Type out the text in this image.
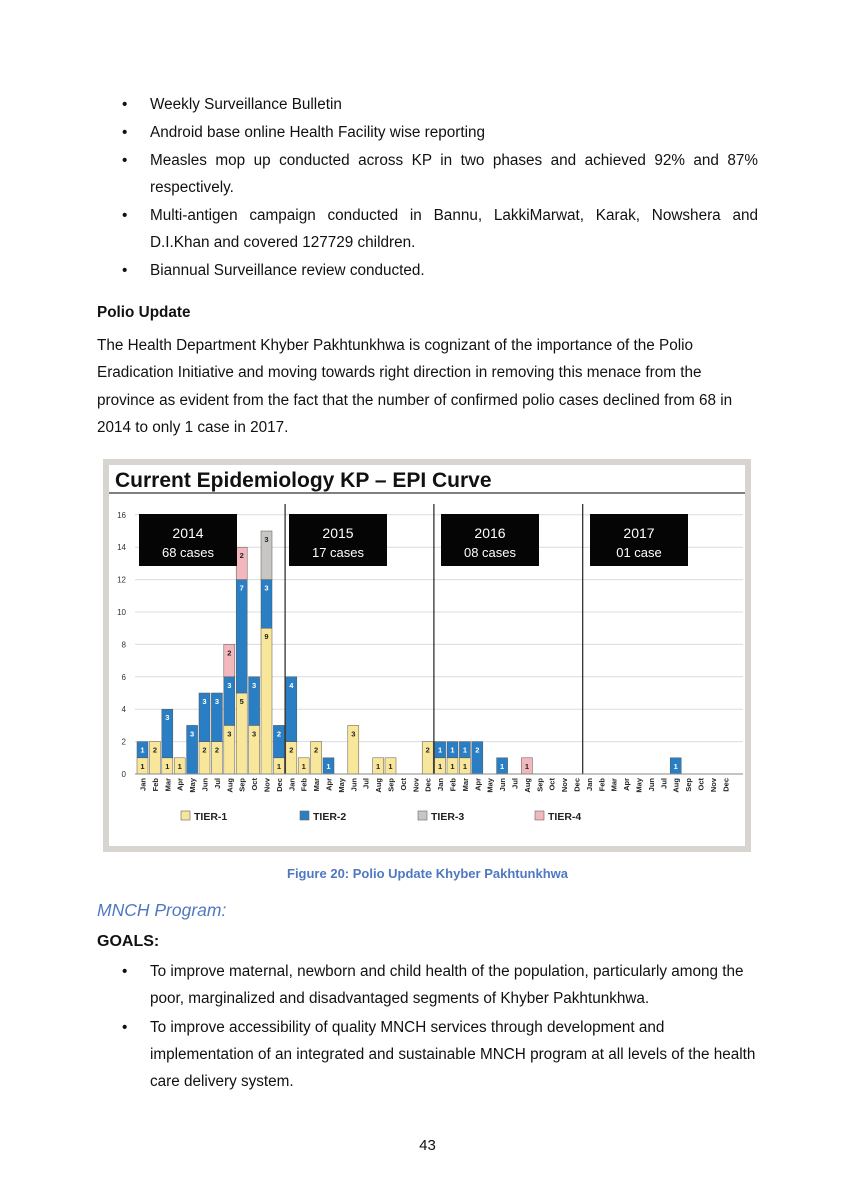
• Weekly Surveillance Bulletin
• Android base online Health Facility wise reporting
• Measles mop up conducted across KP in two phases and achieved 92% and 87% respectively.
• Multi-antigen campaign conducted in Bannu, LakkiMarwat, Karak, Nowshera and D.I.Khan and covered 127729 children.
• Biannual Surveillance review conducted.
Polio Update
The Health Department Khyber Pakhtunkhwa is cognizant of the importance of the Polio Eradication Initiative and moving towards right direction in removing this menace from the province as evident from the fact that the number of confirmed polio cases declined from 68 in 2014 to only 1 case in 2017.
Current Epidemiology KP – EPI Curve
1
1 2
1
3
1
3
2
3
2
3
3
3
2
5
7
2
3
3
9
3
3
1
2
2
4
1
2
1
3
1 1
2
1
1
1
1
1
1 2
1	1	1
2014
68 cases
2015
17 cases
2016
08 cases
2017
01 case
0
2
4
6
8
10
12
14
16
Jan Feb Mar Apr May Jun Jul Aug Sep Oct Nov Dec Jan Feb Mar Apr May Jun Jul Aug Sep Oct Nov Dec Jan Feb Mar Apr May Jun Jul Aug Sep Oct Nov Dec Jan Feb Mar Apr May Jun Jul Aug Sep Oct Nov Dec
TIER-1	TIER-2	TIER-3	TIER-4
Figure 20: Polio Update Khyber Pakhtunkhwa
MNCH Program:
GOALS:
• To improve maternal, newborn and child health of the population, particularly among the poor, marginalized and disadvantaged segments of Khyber Pakhtunkhwa.
• To improve accessibility of quality MNCH services through development and implementation of an integrated and sustainable MNCH program at all levels of the health care delivery system.
43
